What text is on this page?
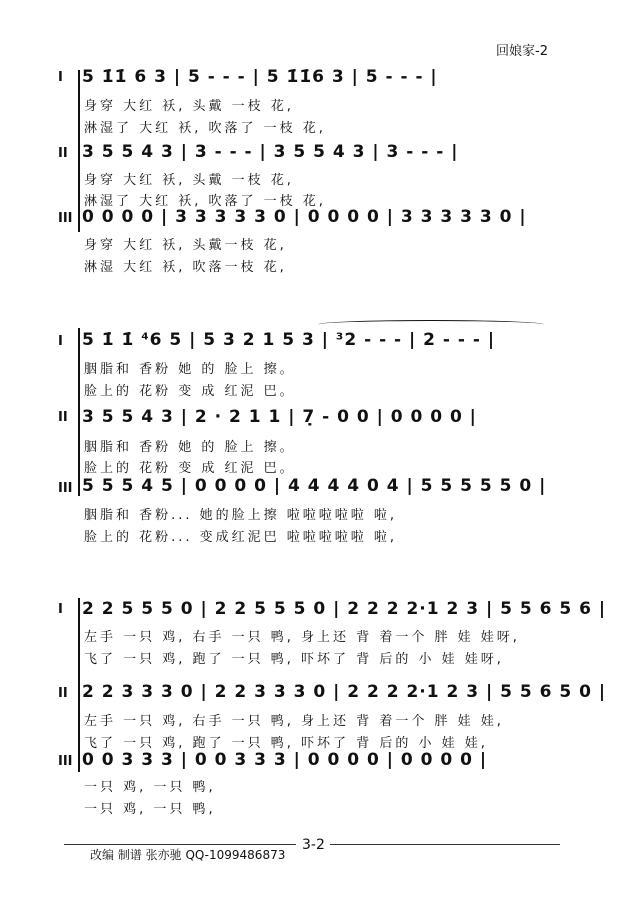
回娘家-2
I 5 1̇1̇ 6 3 | 5 - - - | 5 1̇1̇6 3 | 5 - - - |
身穿 大红 袄, 头戴 一枝 花,
淋湿了 大红 袄, 吹落了 一枝 花,
II 3 5 5 4 3 | 3 - - - | 3 5 5 4 3 | 3 - - - |
身穿 大红 袄, 头戴 一枝 花,
淋湿了 大红 袄, 吹落了 一枝 花,
III 0 0 0 0 | 3 3 3 3 3 0 | 0 0 0 0 | 3 3 3 3 3 0 |
身穿 大红 袄, 头戴一枝 花,
淋湿 大红 袄, 吹落一枝 花,
I 5 1̇ 1̇ ⁴6 5 | 5 3 2 1 5 3 | ³2 - - - | 2 - - - |
胭脂和 香粉 她 的 脸上 擦。
脸上的 花粉 变 成 红泥 巴。
II 3 5 5 4 3 | 2 · 2 1 1 | 7̣ - 0 0 | 0 0 0 0 |
胭脂和 香粉 她 的 脸上 擦。
脸上的 花粉 变 成 红泥 巴。
III 5 5 5 4 5 | 0 0 0 0 | 4 4 4 4 0 4 | 5 5 5 5 5 0 |
胭脂和 香粉... 她的脸上擦 啦啦啦啦啦 啦,
脸上的 花粉... 变成红泥巴 啦啦啦啦啦 啦,
I 2 2 5 5 5 0 | 2 2 5 5 5 0 | 2 2 2 2·1 2 3 | 5 5 6 5 6 |
左手 一只 鸡, 右手 一只 鸭, 身上还 背 着一个 胖 娃 娃呀,
飞了 一只 鸡, 跑了 一只 鸭, 吓坏了 背 后的 小 娃 娃呀,
II 2 2 3 3 3 0 | 2 2 3 3 3 0 | 2 2 2 2·1 2 3 | 5 5 6 5 0 |
左手 一只 鸡, 右手 一只 鸭, 身上还 背 着一个 胖 娃 娃,
飞了 一只 鸡, 跑了 一只 鸭, 吓坏了 背 后的 小 娃 娃,
III 0 0 3 3 3 | 0 0 3 3 3 | 0 0 0 0 | 0 0 0 0 |
一只 鸡, 一只 鸭,
一只 鸡, 一只 鸭,
改编 制谱 张亦驰 QQ-1099486873
3-2
